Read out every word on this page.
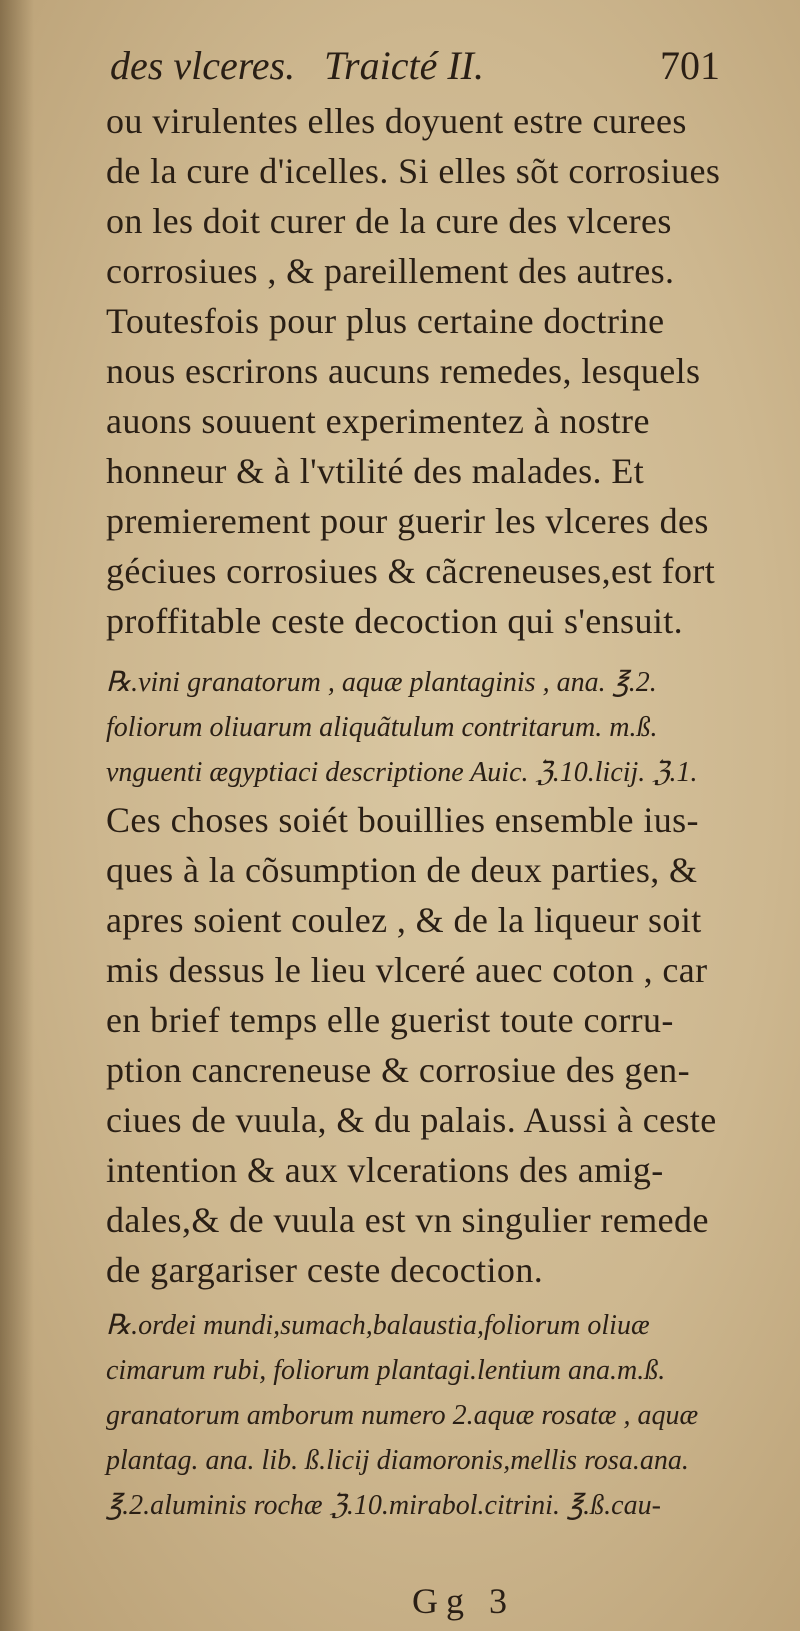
des vlceres. Traicté II.	701
ou virulentes elles doyuent estre curees
de la cure d'icelles. Si elles sõt corrosiues
on les doit curer de la cure des vlceres
corrosiues , & pareillement des autres.
Toutesfois pour plus certaine doctrine
nous escrirons aucuns remedes, lesquels
auons souuent experimentez à nostre
honneur & à l'vtilité des malades. Et
premierement pour guerir les vlceres des
géciues corrosiues & cãcreneuses,est fort
proffitable ceste decoction qui s'ensuit.
℞.vini granatorum , aquæ plantaginis , ana. ℥.2.
foliorum oliuarum aliquãtulum contritarum. m.ß.
vnguenti ægyptiaci descriptione Auic. ℨ.10.licij. ℨ.1.
Ces choses soiét bouillies ensemble ius-
ques à la cõsumption de deux parties, &
apres soient coulez , & de la liqueur soit
mis dessus le lieu vlceré auec coton , car
en brief temps elle guerist toute corru-
ption cancreneuse & corrosiue des gen-
ciues de vuula, & du palais. Aussi à ceste
intention & aux vlcerations des amig-
dales,& de vuula est vn singulier remede
de gargariser ceste decoction.
℞.ordei mundi,sumach,balaustia,foliorum oliuæ
cimarum rubi, foliorum plantagi.lentium ana.m.ß.
granatorum amborum numero 2.aquæ rosatæ , aquæ
plantag. ana. lib. ß.licij diamoronis,mellis rosa.ana.
℥.2.aluminis rochæ ℨ.10.mirabol.citrini. ℥.ß.cau-
Gg 3
